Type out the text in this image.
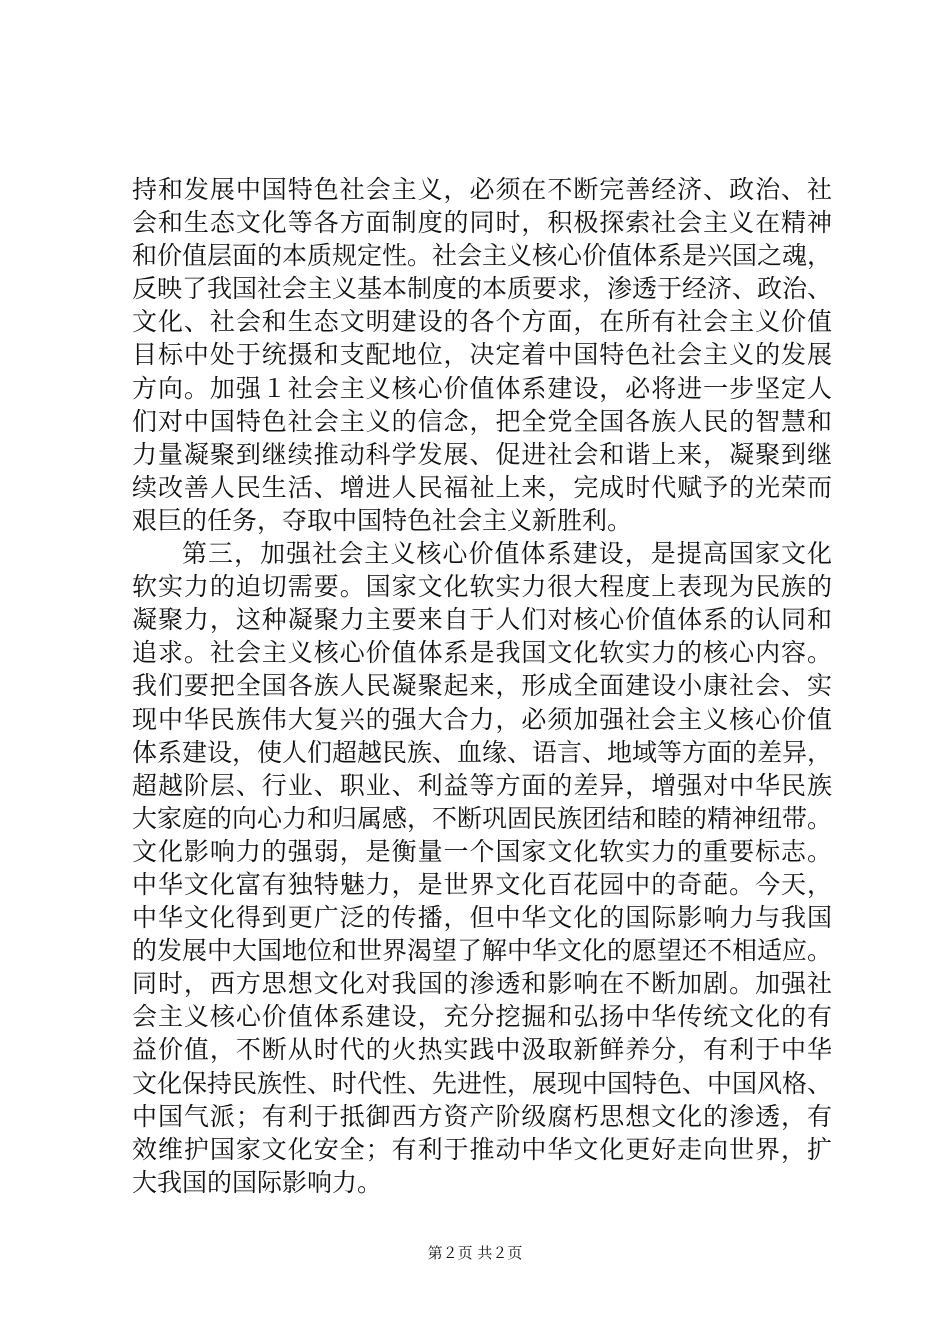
持和发展中国特色社会主义，必须在不断完善经济、政治、社
会和生态文化等各方面制度的同时，积极探索社会主义在精神
和价值层面的本质规定性。社会主义核心价值体系是兴国之魂，
反映了我国社会主义基本制度的本质要求，渗透于经济、政治、
文化、社会和生态文明建设的各个方面，在所有社会主义价值
目标中处于统摄和支配地位，决定着中国特色社会主义的发展
方向。加强１社会主义核心价值体系建设，必将进一步坚定人
们对中国特色社会主义的信念，把全党全国各族人民的智慧和
力量凝聚到继续推动科学发展、促进社会和谐上来，凝聚到继
续改善人民生活、增进人民福祉上来，完成时代赋予的光荣而
艰巨的任务，夺取中国特色社会主义新胜利。
第三，加强社会主义核心价值体系建设，是提高国家文化
软实力的迫切需要。国家文化软实力很大程度上表现为民族的
凝聚力，这种凝聚力主要来自于人们对核心价值体系的认同和
追求。社会主义核心价值体系是我国文化软实力的核心内容。
我们要把全国各族人民凝聚起来，形成全面建设小康社会、实
现中华民族伟大复兴的强大合力，必须加强社会主义核心价值
体系建设，使人们超越民族、血缘、语言、地域等方面的差异，
超越阶层、行业、职业、利益等方面的差异，增强对中华民族
大家庭的向心力和归属感，不断巩固民族团结和睦的精神纽带。
文化影响力的强弱，是衡量一个国家文化软实力的重要标志。
中华文化富有独特魅力，是世界文化百花园中的奇葩。今天，
中华文化得到更广泛的传播，但中华文化的国际影响力与我国
的发展中大国地位和世界渴望了解中华文化的愿望还不相适应。
同时，西方思想文化对我国的渗透和影响在不断加剧。加强社
会主义核心价值体系建设，充分挖掘和弘扬中华传统文化的有
益价值，不断从时代的火热实践中汲取新鲜养分，有利于中华
文化保持民族性、时代性、先进性，展现中国特色、中国风格、
中国气派；有利于抵御西方资产阶级腐朽思想文化的渗透，有
效维护国家文化安全；有利于推动中华文化更好走向世界，扩
大我国的国际影响力。
第２页 共２页
